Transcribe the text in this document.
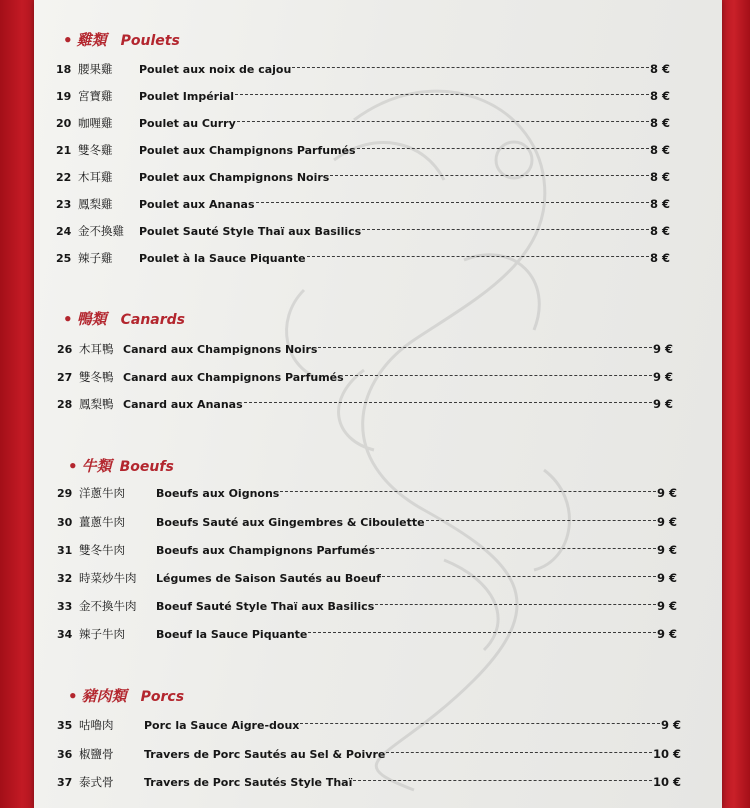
• 雞類 Poulets
18 腰果雞	Poulet aux noix de cajou	8 €
19 宮寶雞	Poulet Impérial	8 €
20 咖喱雞	Poulet au Curry	8 €
21 雙冬雞	Poulet aux Champignons Parfumés	8 €
22 木耳雞	Poulet aux Champignons Noirs	8 €
23 鳳梨雞	Poulet aux Ananas	8 €
24 金不換雞	Poulet Sauté Style Thaï aux Basilics	8 €
25 辣子雞	Poulet à la Sauce Piquante	8 €
• 鴨類 Canards
26 木耳鴨 Canard aux Champignons Noirs	9 €
27 雙冬鴨 Canard aux Champignons Parfumés	9 €
28 鳳梨鴨 Canard aux Ananas	9 €
• 牛類 Boeufs
29 洋蔥牛肉	Boeufs aux Oignons	9 €
30 薑蔥牛肉	Boeufs Sauté aux Gingembres & Ciboulette	9 €
31 雙冬牛肉	Boeufs aux Champignons Parfumés	9 €
32 時菜炒牛肉	Légumes de Saison Sautés au Boeuf	9 €
33 金不換牛肉	Boeuf Sauté Style Thaï aux Basilics	9 €
34 辣子牛肉	Boeuf la Sauce Piquante	9 €
• 豬肉類 Porcs
35 咕嚕肉	Porc la Sauce Aigre-doux	9 €
36 椒鹽骨	Travers de Porc Sautés au Sel & Poivre	10 €
37 泰式骨	Travers de Porc Sautés Style Thaï	10 €
